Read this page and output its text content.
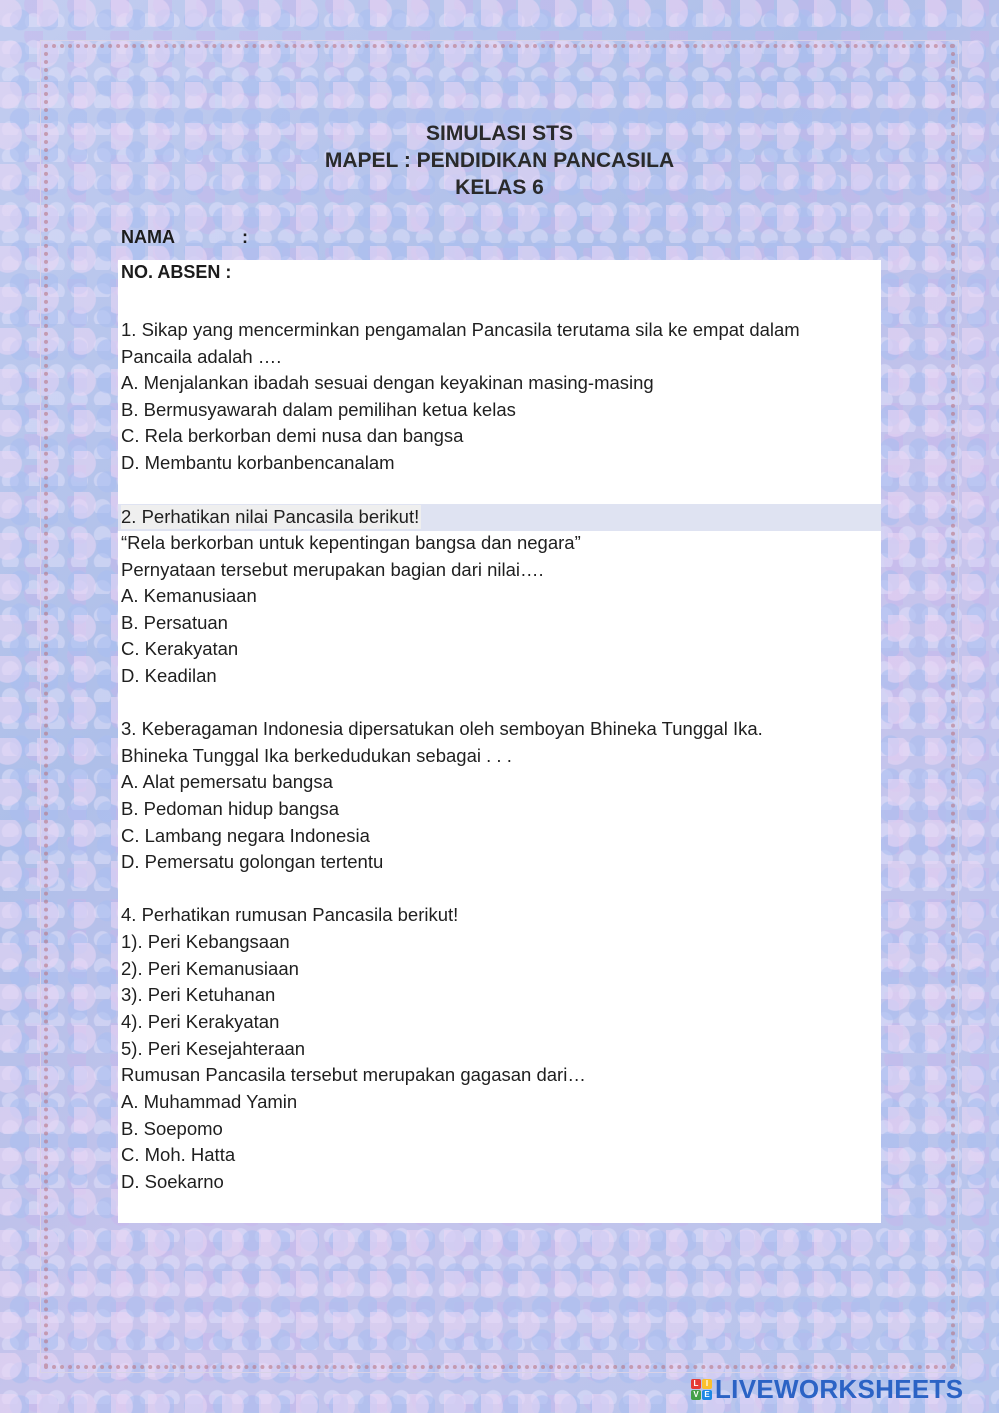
SIMULASI STS
MAPEL : PENDIDIKAN PANCASILA
KELAS 6
NAMA	:
NO. ABSEN :
1. Sikap yang mencerminkan pengamalan Pancasila terutama sila ke empat dalam
Pancaila adalah ….
A. Menjalankan ibadah sesuai dengan keyakinan masing-masing
B. Bermusyawarah dalam pemilihan ketua kelas
C. Rela berkorban demi nusa dan bangsa
D. Membantu korbanbencanalam
2. Perhatikan nilai Pancasila berikut!
“Rela berkorban untuk kepentingan bangsa dan negara”
Pernyataan tersebut merupakan bagian dari nilai….
A. Kemanusiaan
B. Persatuan
C. Kerakyatan
D. Keadilan
3. Keberagaman Indonesia dipersatukan oleh semboyan Bhineka Tunggal Ika.
Bhineka Tunggal Ika berkedudukan sebagai . . .
A. Alat pemersatu bangsa
B. Pedoman hidup bangsa
C. Lambang negara Indonesia
D. Pemersatu golongan tertentu
4. Perhatikan rumusan Pancasila berikut!
1). Peri Kebangsaan
2). Peri Kemanusiaan
3). Peri Ketuhanan
4). Peri Kerakyatan
5). Peri Kesejahteraan
Rumusan Pancasila tersebut merupakan gagasan dari…
A. Muhammad Yamin
B. Soepomo
C. Moh. Hatta
D. Soekarno
L I
V E LIVEWORKSHEETS
